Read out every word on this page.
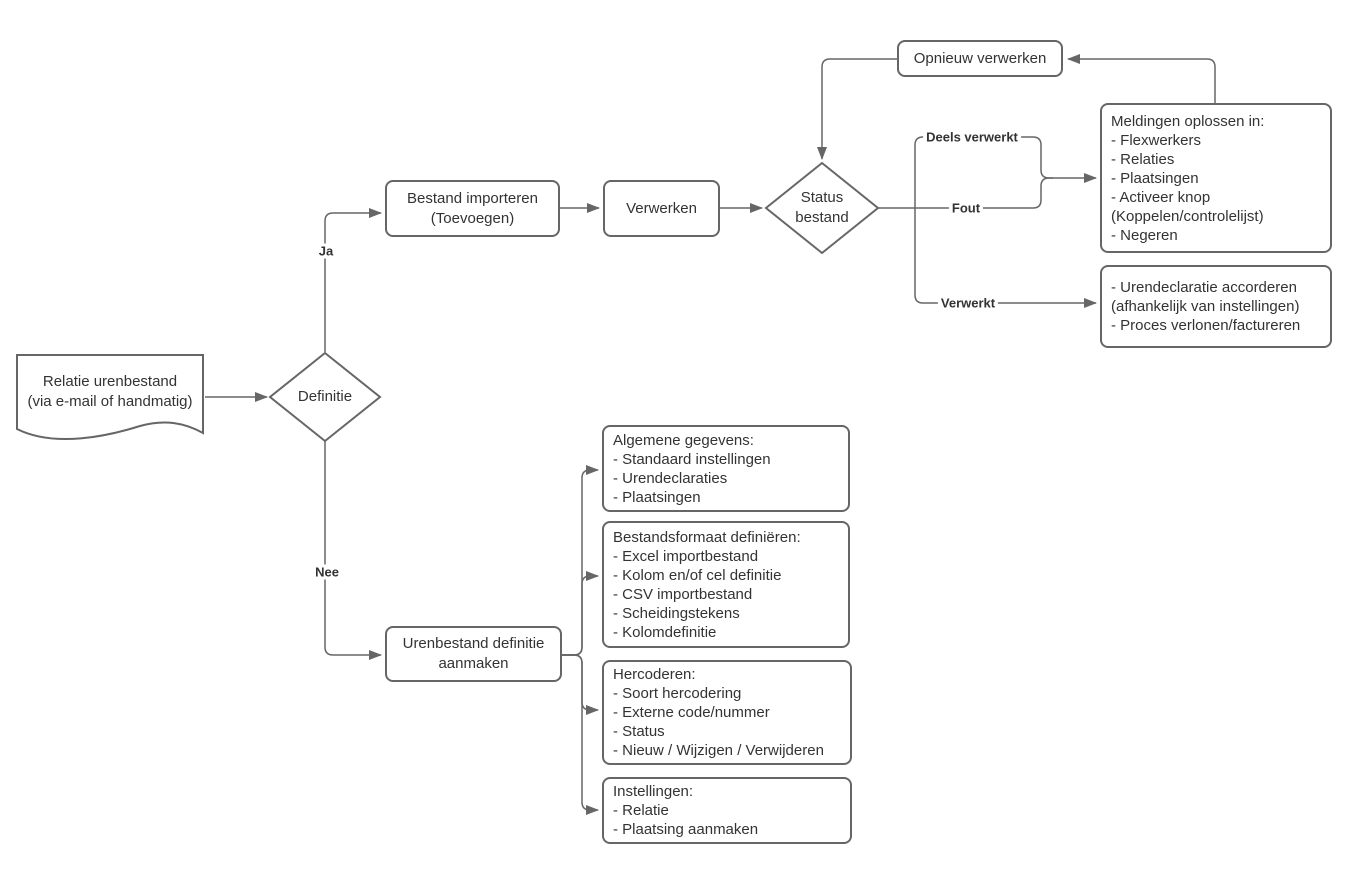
Relatie urenbestand
(via e-mail of handmatig)	Definitie
Status
bestand
Bestand importeren
(Toevoegen)
Verwerken
Opnieuw verwerken
Meldingen oplossen in:
- Flexwerkers
- Relaties
- Plaatsingen
- Activeer knop
(Koppelen/controlelijst)
- Negeren
- Urendeclaratie accorderen
(afhankelijk van instellingen)
- Proces verlonen/factureren
Urenbestand definitie
aanmaken
Algemene gegevens:
- Standaard instellingen
- Urendeclaraties
- Plaatsingen
Bestandsformaat definiëren:
- Excel importbestand
- Kolom en/of cel definitie
- CSV importbestand
- Scheidingstekens
- Kolomdefinitie
Hercoderen:
- Soort hercodering
- Externe code/nummer
- Status
- Nieuw / Wijzigen / Verwijderen
Instellingen:
- Relatie
- Plaatsing aanmaken
Ja
Nee
Deels verwerkt
Fout
Verwerkt
